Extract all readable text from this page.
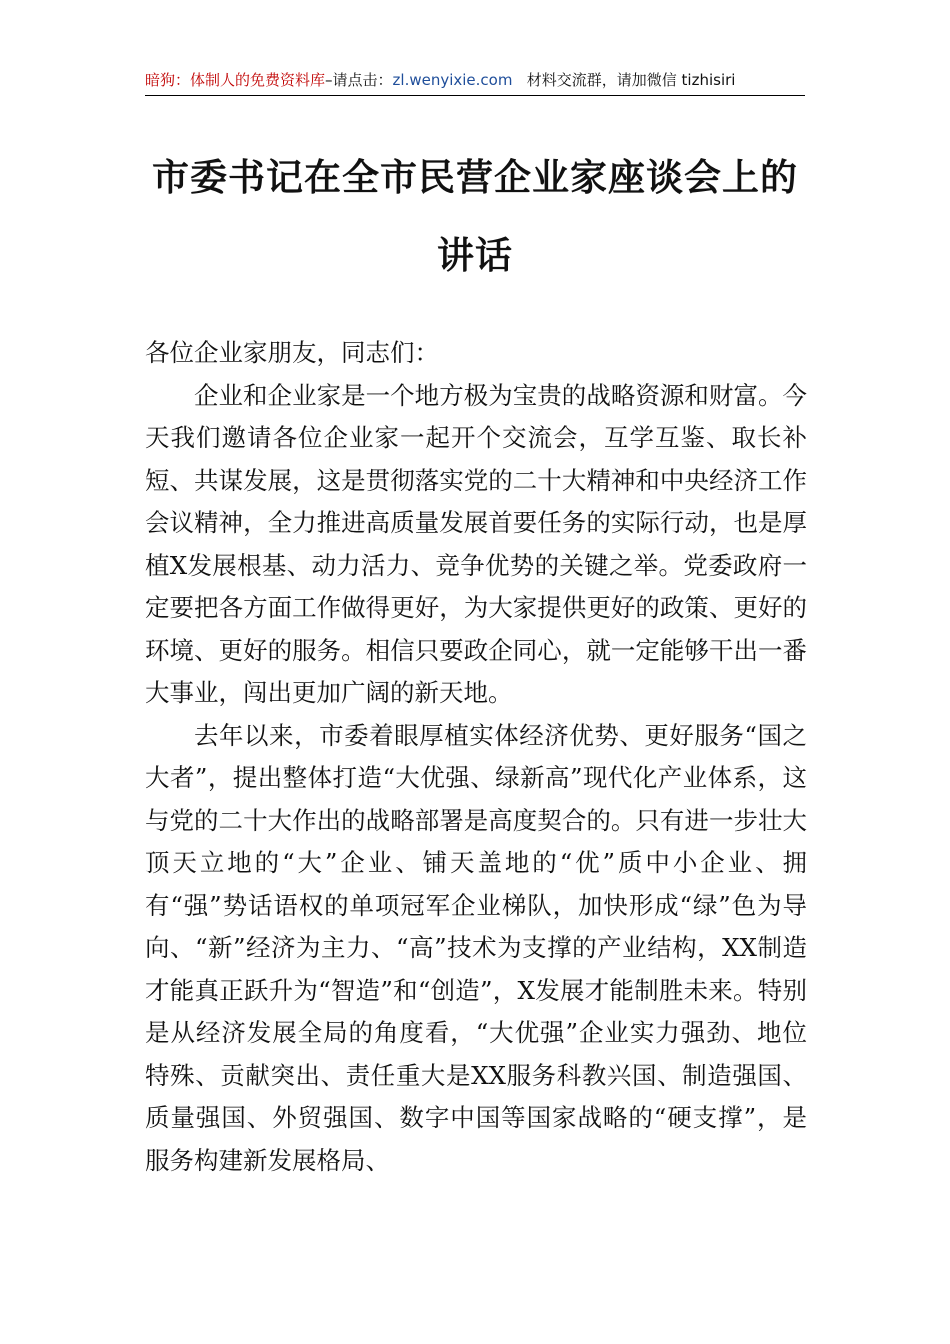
暗狗：体制人的免费资料库–请点击：zl.wenyixie.com 材料交流群，请加微信 tizhisiri
市委书记在全市民营企业家座谈会上的讲话

各位企业家朋友，同志们：

企业和企业家是一个地方极为宝贵的战略资源和财富。今天我们邀请各位企业家一起开个交流会，互学互鉴、取长补短、共谋发展，这是贯彻落实党的二十大精神和中央经济工作会议精神，全力推进高质量发展首要任务的实际行动，也是厚植X发展根基、动力活力、竞争优势的关键之举。党委政府一定要把各方面工作做得更好，为大家提供更好的政策、更好的环境、更好的服务。相信只要政企同心，就一定能够干出一番大事业，闯出更加广阔的新天地。

去年以来，市委着眼厚植实体经济优势、更好服务“国之大者”，提出整体打造“大优强、绿新高”现代化产业体系，这与党的二十大作出的战略部署是高度契合的。只有进一步壮大顶天立地的“大”企业、铺天盖地的“优”质中小企业、拥有“强”势话语权的单项冠军企业梯队，加快形成“绿”色为导向、“新”经济为主力、“高”技术为支撑的产业结构，XX制造才能真正跃升为“智造”和“创造”，X发展才能制胜未来。特别是从经济发展全局的角度看，“大优强”企业实力强劲、地位特殊、贡献突出、责任重大是XX服务科教兴国、制造强国、质量强国、外贸强国、数字中国等国家战略的“硬支撑”，是服务构建新发展格局、
